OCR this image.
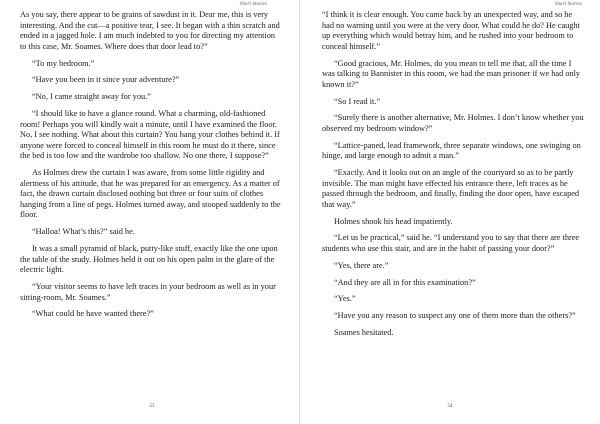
Short Stories

As you say, there appear to be grains of sawdust in it. Dear me, this is very interesting. And the cut—a positive tear, I see. It began with a thin scratch and ended in a jagged hole. I am much indebted to you for directing my attention to this case, Mr. Soames. Where does that door lead to?”

“To my bedroom.”

“Have you been in it since your adventure?”

“No, I came straight away for you.”

“I should like to have a glance round. What a charming, old-fashioned room! Perhaps you will kindly wait a minute, until I have examined the floor. No, I see nothing. What about this curtain? You hang your clothes behind it. If anyone were forced to conceal himself in this room he must do it there, since the bed is too low and the wardrobe too shallow. No one there, I suppose?”

As Holmes drew the curtain I was aware, from some little rigidity and alertness of his attitude, that he was prepared for an emergency. As a matter of fact, the drawn curtain disclosed nothing but three or four suits of clothes hanging from a line of pegs. Holmes turned away, and stooped suddenly to the floor.

“Halloa! What’s this?” said he.

It was a small pyramid of black, putty-like stuff, exactly like the one upon the table of the study. Holmes held it out on his open palm in the glare of the electric light.

“Your visitor seems to have left traces in your bedroom as well as in your sitting-room, Mr. Soames.”

“What could he have wanted there?”

53
Short Stories

“I think it is clear enough. You came back by an unexpected way, and so he had no warning until you were at the very door. What could he do? He caught up everything which would betray him, and he rushed into your bedroom to conceal himself.”

“Good gracious, Mr. Holmes, do you mean to tell me that, all the time I was talking to Bannister in this room, we had the man prisoner if we had only known it?”

“So I read it.”

“Surely there is another alternative, Mr. Holmes. I don’t know whether you observed my bedroom window?”

“Lattice-paned, lead framework, three separate windows, one swinging on hinge, and large enough to admit a man.”

“Exactly. And it looks out on an angle of the courtyard so as to be partly invisible. The man might have effected his entrance there, left traces as he passed through the bedroom, and finally, finding the door open, have escaped that way.”

Holmes shook his head impatiently.

“Let us be practical,” said he. “I understand you to say that there are three students who use this stair, and are in the habit of passing your door?”

“Yes, there are.”

“And they are all in for this examination?”

“Yes.”

“Have you any reason to suspect any one of them more than the others?”

Soames hesitated.

54
